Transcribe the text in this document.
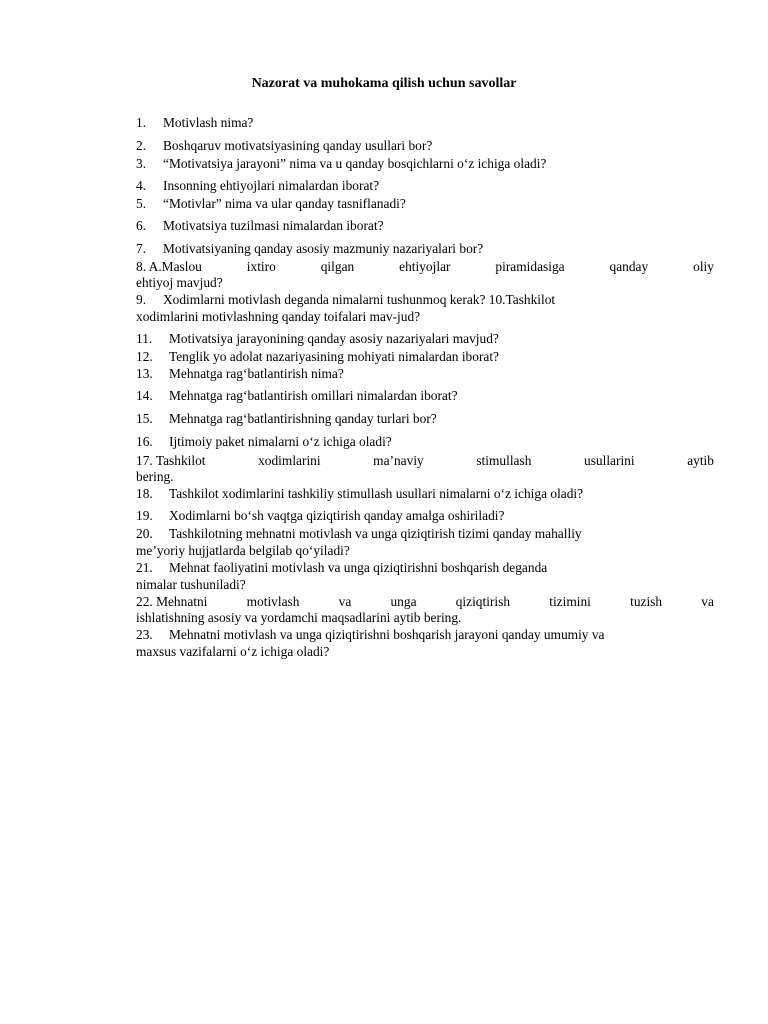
Nazorat va muhokama qilish uchun savollar
1. Motivlash nima?
2. Boshqaruv motivatsiyasining qanday usullari bor?
3. “Motivatsiya jarayoni” nima va u qanday bosqichlarni o‘z ichiga oladi?
4. Insonning ehtiyojlari nimalardan iborat?
5. “Motivlar” nima va ular qanday tasniflanadi?
6. Motivatsiya tuzilmasi nimalardan iborat?
7. Motivatsiyaning qanday asosiy mazmuniy nazariyalari bor?
8. A.Maslou	ixtiro	qilgan	ehtiyojlar	piramidasiga	qanday	oliy
ehtiyoj mavjud?
9. Xodimlarni motivlash deganda nimalarni tushunmoq kerak? 10.Tashkilot
xodimlarini motivlashning qanday toifalari mav-jud?
11. Motivatsiya jarayonining qanday asosiy nazariyalari mavjud?
12. Tenglik yo adolat nazariyasining mohiyati nimalardan iborat?
13. Mehnatga rag‘batlantirish nima?
14. Mehnatga rag‘batlantirish omillari nimalardan iborat?
15. Mehnatga rag‘batlantirishning qanday turlari bor?
16. Ijtimoiy paket nimalarni o‘z ichiga oladi?
17. Tashkilot	xodimlarini	ma’naviy	stimullash	usullarini	aytib
bering.
18. Tashkilot xodimlarini tashkiliy stimullash usullari nimalarni o‘z ichiga oladi?
19. Xodimlarni bo‘sh vaqtga qiziqtirish qanday amalga oshiriladi?
20. Tashkilotning mehnatni motivlash va unga qiziqtirish tizimi qanday mahalliy
me’yoriy hujjatlarda belgilab qo‘yiladi?
21. Mehnat faoliyatini motivlash va unga qiziqtirishni boshqarish deganda
nimalar tushuniladi?
22. Mehnatni	motivlash	va	unga	qiziqtirish	tizimini	tuzish	va
ishlatishning asosiy va yordamchi maqsadlarini aytib bering.
23. Mehnatni motivlash va unga qiziqtirishni boshqarish jarayoni qanday umumiy va
maxsus vazifalarni o‘z ichiga oladi?
